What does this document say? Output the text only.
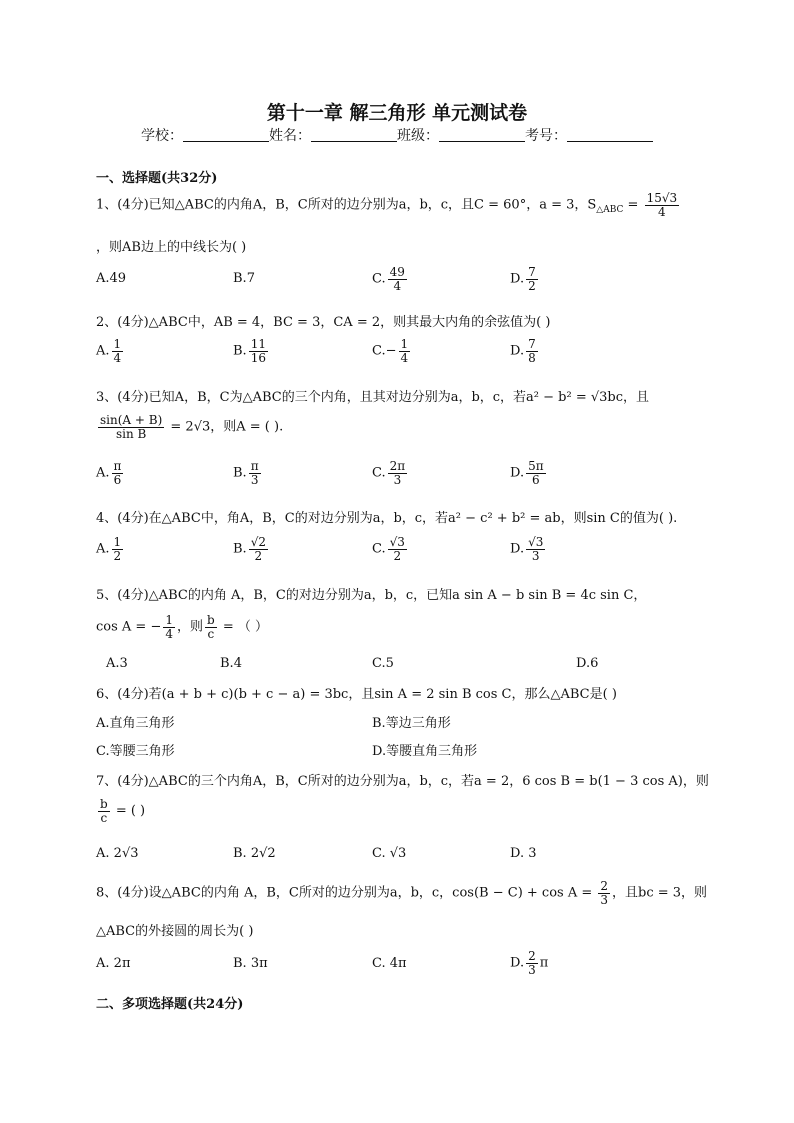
第十一章 解三角形 单元测试卷
学校：	姓名：	班级：	考号：
一、选择题(共32分)
1、(4分)已知△ABC的内角A，B，C所对的边分别为a，b，c，且C = 60°，a = 3，$S_{\triangle ABC} = \frac{15√3}{4}$
，则AB边上的中线长为( )
A.49	B.7	C. $\frac{49}{4}$	D. $\frac{7}{2}$
2、(4分)△ABC中，AB = 4，BC = 3，CA = 2，则其最大内角的余弦值为( )
A. $\frac{1}{4}$	B. $\frac{11}{16}$	$C.- \frac{1}{4}$	D. $\frac{7}{8}$
3、(4分)已知A，B，C为△ABC的三个内角，且其对边分别为a，b，c，若a² − b² = √3bc，且
$\frac{\sin(A + B)}{\text{sin B}} = 2√3$，则A = ( ).
A. $\frac{\pi}{6}$	B. $\frac{\pi}{3}$	C. $\frac{2\pi}{3}$	D. $\frac{5\pi}{6}$
4、(4分)在△ABC中，角A，B，C的对边分别为a，b，c，若a² − c² + b² = ab，则sin C的值为( ).
A. $\frac{1}{2}$	B. $\frac{√2}{2}$	C. $\frac{√3}{2}$	D. $\frac{√3}{3}$
5、(4分)△ABC的内角 A，B，C的对边分别为a，b，c，已知a sin A − b sin B = 4c sin C，
cos A = − $\frac{1}{4}$ ，则 $\frac{b}{c}$ = （ ）
A.3	B.4	C.5	D.6
6、(4分)若(a + b + c)(b + c − a) = 3bc，且sin A = 2 sin B cos C，那么△ABC是( )
A.直角三角形	B.等边三角形
C.等腰三角形	D.等腰直角三角形
7、(4分)△ABC的三个内角A，B，C所对的边分别为a，b，c，若a = 2，6 cos B = b(1 − 3 cos A)，则
$\frac{b}{c}$ = ( )
A. 2√3	B. 2√2	C. √3	D. 3
8、(4分)设△ABC的内角 A，B，C所对的边分别为a，b，c，$\cos(B - C) + \cos A = \frac{2}{3}$ ，且bc = 3，则
△ABC的外接圆的周长为( )
A. 2π	B. 3π	C. 4π	D. $\frac{2}{3}$ π
二、多项选择题(共24分)
